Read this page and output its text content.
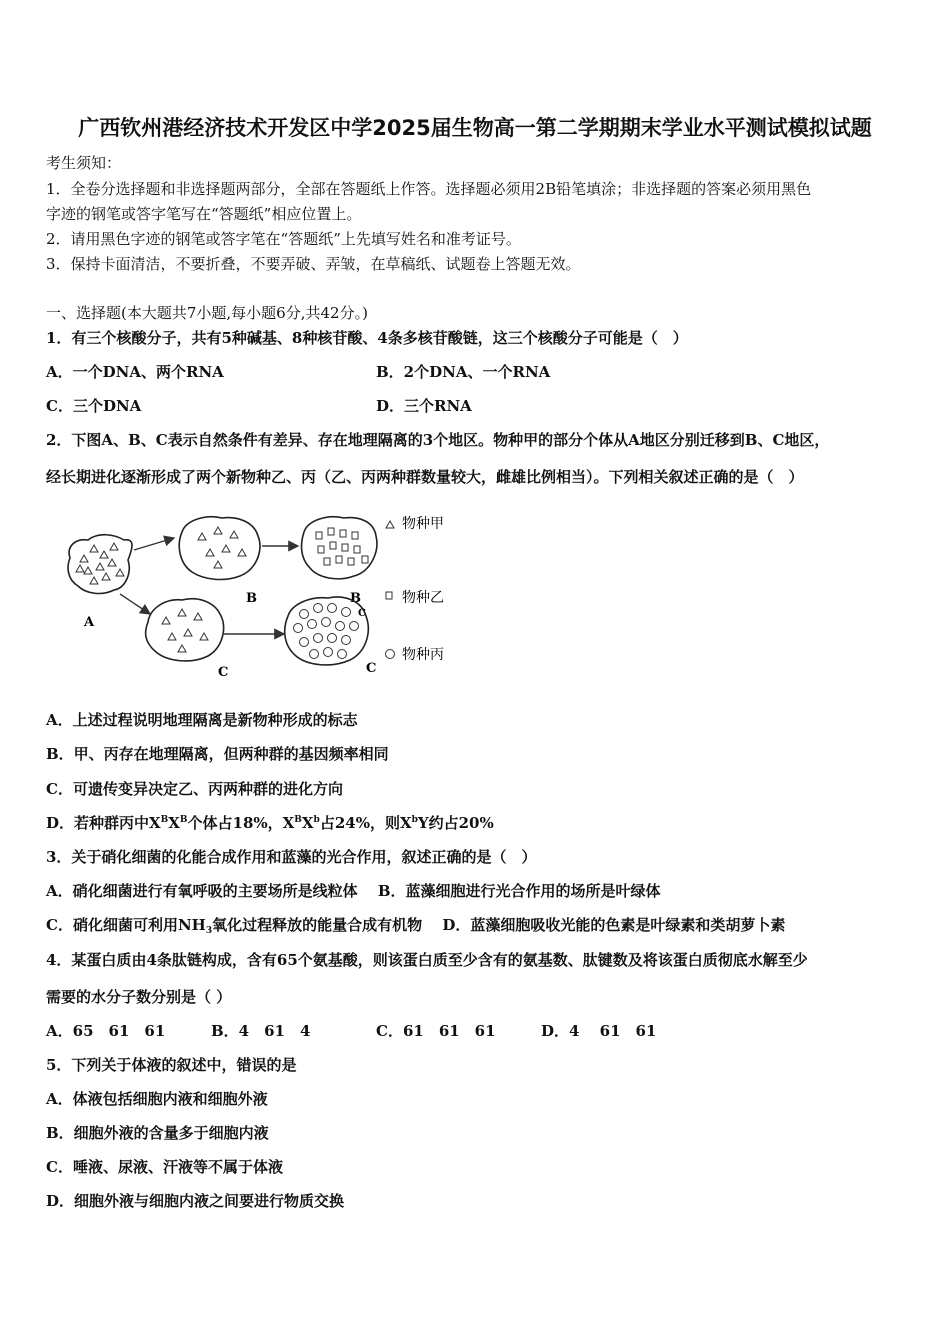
广西钦州港经济技术开发区中学2025届生物高一第二学期期末学业水平测试模拟试题
考生须知：
1．全卷分选择题和非选择题两部分，全部在答题纸上作答。选择题必须用2B铅笔填涂；非选择题的答案必须用黑色
字迹的钢笔或答字笔写在“答题纸”相应位置上。
2．请用黑色字迹的钢笔或答字笔在“答题纸”上先填写姓名和准考证号。
3．保持卡面清洁，不要折叠，不要弄破、弄皱，在草稿纸、试题卷上答题无效。
一、选择题(本大题共7小题,每小题6分,共42分。)
1．有三个核酸分子，共有5种碱基、8种核苷酸、4条多核苷酸链，这三个核酸分子可能是（　）
A．一个DNA、两个RNA	B．2个DNA、一个RNA
C．三个DNA	D．三个RNA
2．下图A、B、C表示自然条件有差异、存在地理隔离的3个地区。物种甲的部分个体从A地区分别迁移到B、C地区，
经长期进化逐渐形成了两个新物种乙、丙（乙、丙两种群数量较大，雌雄比例相当）。下列相关叙述正确的是（　）
A
B
C
B
C
C
物种甲
物种乙
物种丙
A．上述过程说明地理隔离是新物种形成的标志
B．甲、丙存在地理隔离，但两种群的基因频率相同
C．可遗传变异决定乙、丙两种群的进化方向
D．若种群丙中$X^BX^B$个体占18%，$X^BX^b$占24%，则$X^bY$约占20%
3．关于硝化细菌的化能合成作用和蓝藻的光合作用，叙述正确的是（　）
A．硝化细菌进行有氧呼吸的主要场所是线粒体　 B．蓝藻细胞进行光合作用的场所是叶绿体
C．硝化细菌可利用$NH_3$氧化过程释放的能量合成有机物　 D．蓝藻细胞吸收光能的色素是叶绿素和类胡萝卜素
4．某蛋白质由4条肽链构成，含有65个氨基酸，则该蛋白质至少含有的氨基数、肽键数及将该蛋白质彻底水解至少
需要的水分子数分别是（ ）
A．65　61　61	B．4　61　4	C．61　61　61	D．4　 61　61
5．下列关于体液的叙述中，错误的是
A．体液包括细胞内液和细胞外液
B．细胞外液的含量多于细胞内液
C．唾液、尿液、汗液等不属于体液
D．细胞外液与细胞内液之间要进行物质交换
